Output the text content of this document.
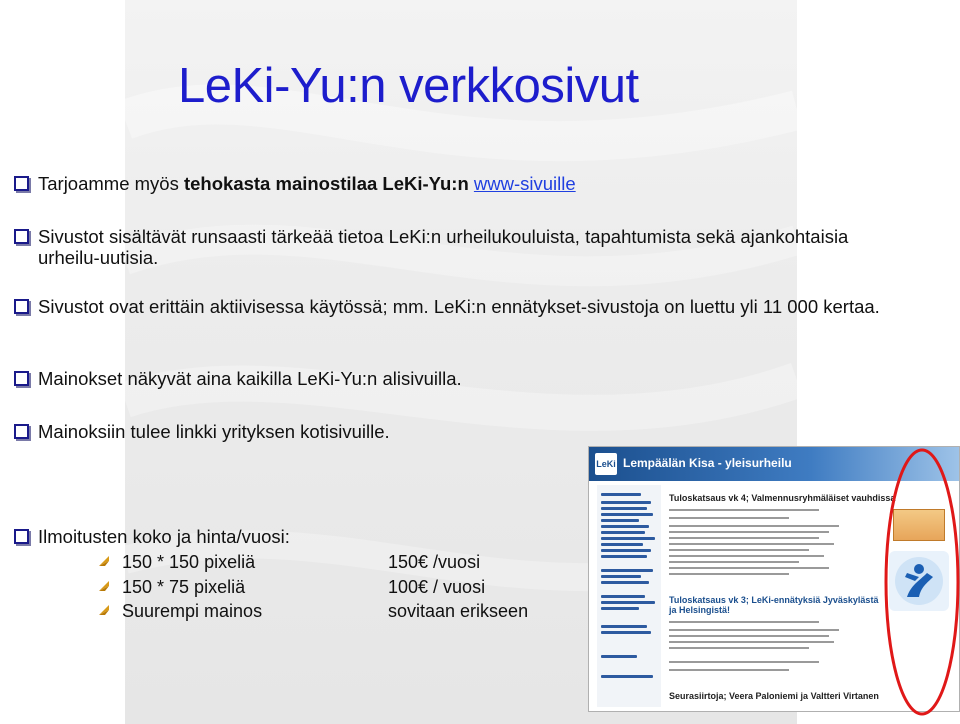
LeKi-Yu:n verkkosivut
Tarjoamme myös tehokasta mainostilaa LeKi-Yu:n www-sivuille
Sivustot sisältävät runsaasti tärkeää tietoa LeKi:n urheilukouluista, tapahtumista sekä ajankohtaisia urheilu-uutisia.
Sivustot ovat erittäin aktiivisessa käytössä; mm. LeKi:n ennätykset-sivustoja on luettu yli 11 000 kertaa.
Mainokset näkyvät aina kaikilla LeKi-Yu:n alisivuilla.
Mainoksiin tulee linkki yrityksen kotisivuille.
Ilmoitusten koko ja hinta/vuosi:
150 * 150 pixeliä	150€ /vuosi
150 * 75 pixeliä	100€ / vuosi
Suurempi mainos	sovitaan erikseen
LeKi Lempäälän Kisa - yleisurheilu
Tuloskatsaus vk 4; Valmennusryhmäläiset vauhdissa
Tuloskatsaus vk 3; LeKi-ennätyksiä Jyväskylästä ja Helsingistä!
Seurasiirtoja; Veera Paloniemi ja Valtteri Virtanen
